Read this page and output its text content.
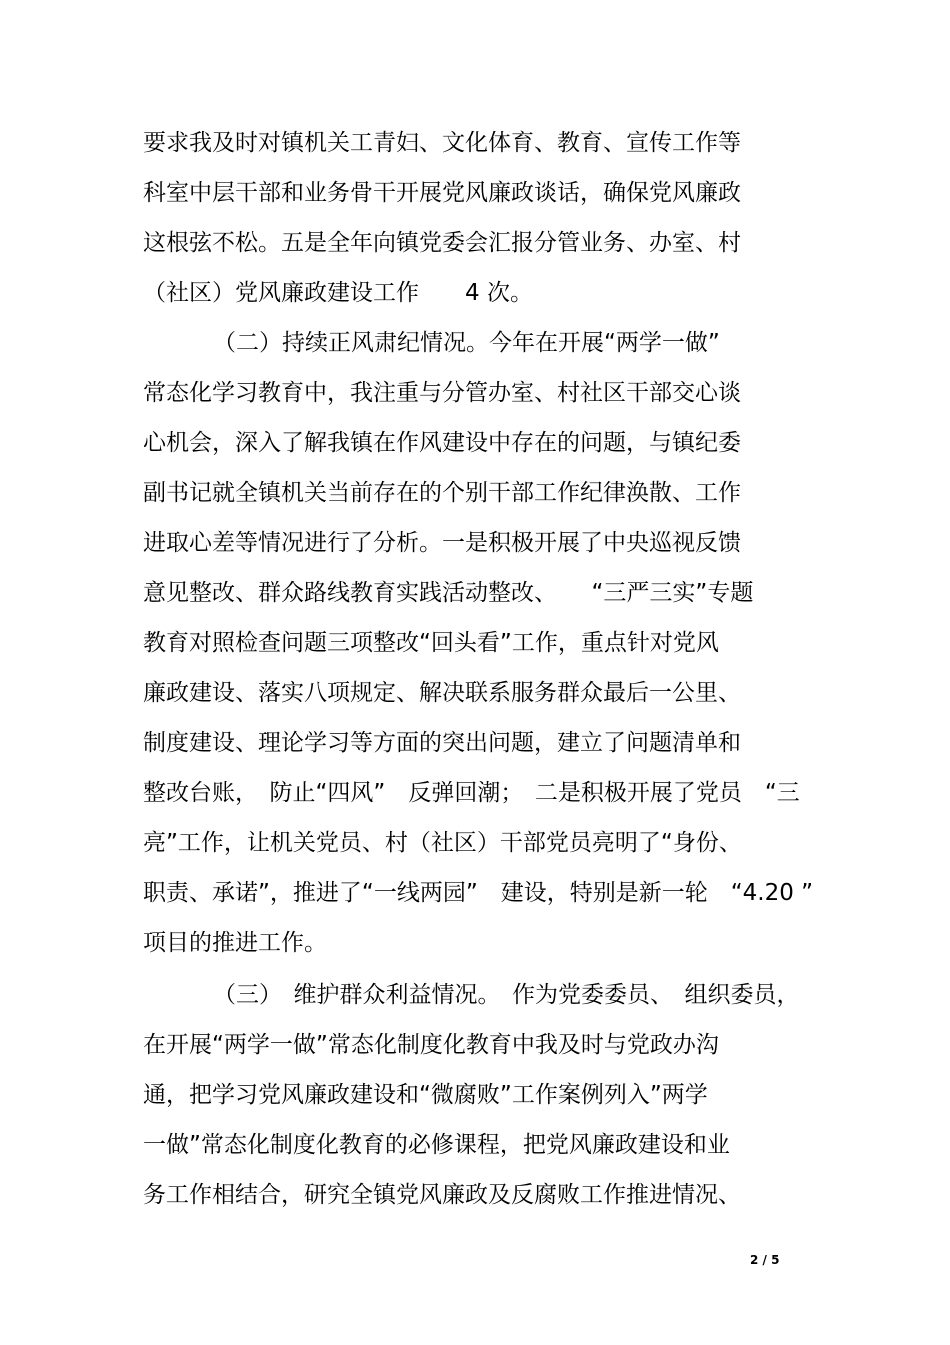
要求我及时对镇机关工青妇、文化体育、教育、宣传工作等
科室中层干部和业务骨干开展党风廉政谈话，确保党风廉政
这根弦不松。五是全年向镇党委会汇报分管业务、办室、村
（社区）党风廉政建设工作　　4 次。
（二）持续正风肃纪情况。今年在开展“两学一做”
常态化学习教育中，我注重与分管办室、村社区干部交心谈
心机会，深入了解我镇在作风建设中存在的问题，与镇纪委
副书记就全镇机关当前存在的个别干部工作纪律涣散、工作
进取心差等情况进行了分析。一是积极开展了中央巡视反馈
意见整改、群众路线教育实践活动整改、　　“三严三实”专题
教育对照检查问题三项整改“回头看”工作，重点针对党风
廉政建设、落实八项规定、解决联系服务群众最后一公里、
制度建设、理论学习等方面的突出问题，建立了问题清单和
整改台账，　防止“四风”　反弹回潮；　二是积极开展了党员　“三
亮”工作，让机关党员、村（社区）干部党员亮明了“身份、
职责、承诺”，推进了“一线两园”　建设，特别是新一轮　“4.20 ”
项目的推进工作。
（三）　维护群众利益情况。　作为党委委员、　组织委员，
在开展“两学一做”常态化制度化教育中我及时与党政办沟
通，把学习党风廉政建设和“微腐败”工作案例列入”两学
一做”常态化制度化教育的必修课程，把党风廉政建设和业
务工作相结合，研究全镇党风廉政及反腐败工作推进情况、
2 / 5
